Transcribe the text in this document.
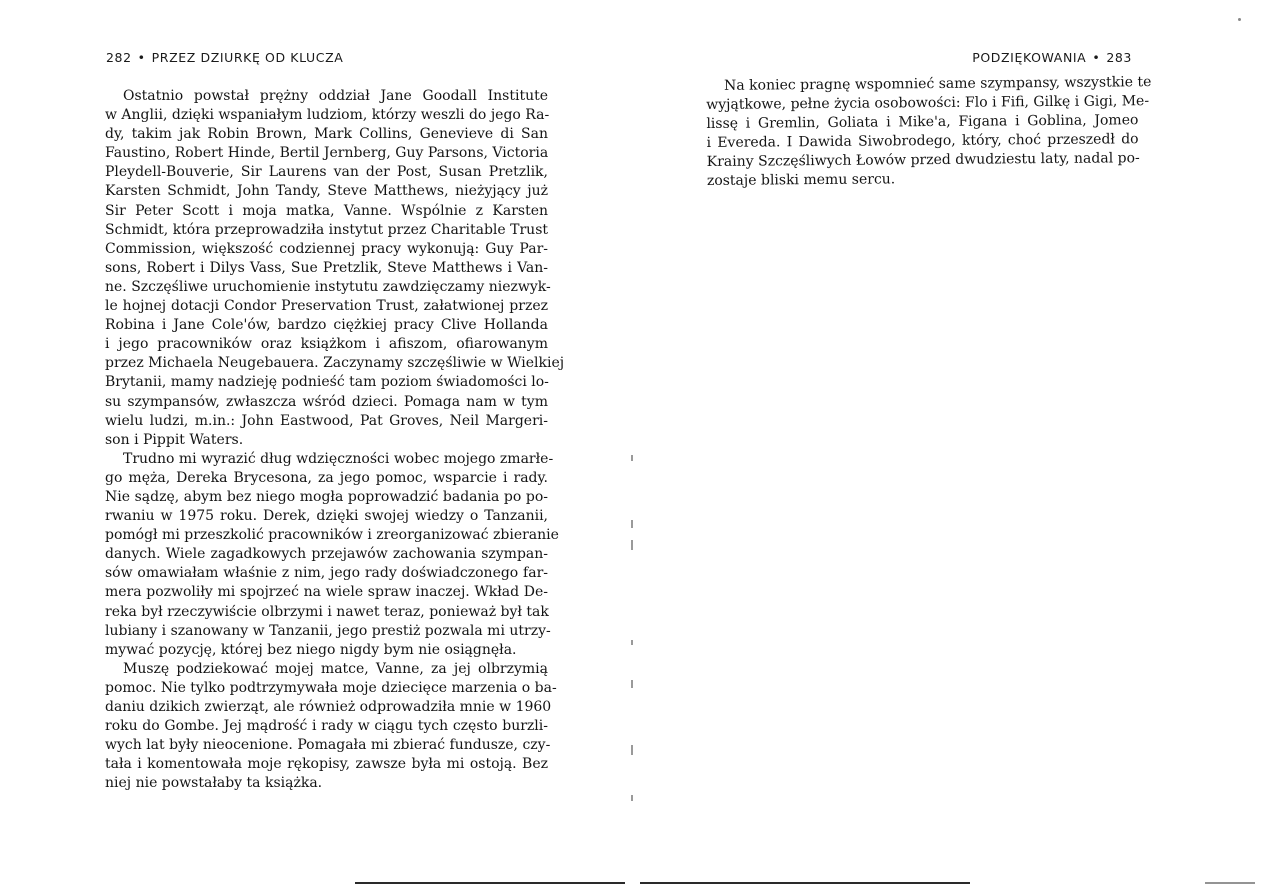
282 • PRZEZ DZIURKĘ OD KLUCZA
Ostatnio powstał prężny oddział Jane Goodall Institute
w Anglii, dzięki wspaniałym ludziom, którzy weszli do jego Ra-
dy, takim jak Robin Brown, Mark Collins, Genevieve di San
Faustino, Robert Hinde, Bertil Jernberg, Guy Parsons, Victoria
Pleydell-Bouverie, Sir Laurens van der Post, Susan Pretzlik,
Karsten Schmidt, John Tandy, Steve Matthews, nieżyjący już
Sir Peter Scott i moja matka, Vanne. Wspólnie z Karsten
Schmidt, która przeprowadziła instytut przez Charitable Trust
Commission, większość codziennej pracy wykonują: Guy Par-
sons, Robert i Dilys Vass, Sue Pretzlik, Steve Matthews i Van-
ne. Szczęśliwe uruchomienie instytutu zawdzięczamy niezwyk-
le hojnej dotacji Condor Preservation Trust, załatwionej przez
Robina i Jane Cole'ów, bardzo ciężkiej pracy Clive Hollanda
i jego pracowników oraz książkom i afiszom, ofiarowanym
przez Michaela Neugebauera. Zaczynamy szczęśliwie w Wielkiej
Brytanii, mamy nadzieję podnieść tam poziom świadomości lo-
su szympansów, zwłaszcza wśród dzieci. Pomaga nam w tym
wielu ludzi, m.in.: John Eastwood, Pat Groves, Neil Margeri-
son i Pippit Waters.
Trudno mi wyrazić dług wdzięczności wobec mojego zmarłe-
go męża, Dereka Brycesona, za jego pomoc, wsparcie i rady.
Nie sądzę, abym bez niego mogła poprowadzić badania po po-
rwaniu w 1975 roku. Derek, dzięki swojej wiedzy o Tanzanii,
pomógł mi przeszkolić pracowników i zreorganizować zbieranie
danych. Wiele zagadkowych przejawów zachowania szympan-
sów omawiałam właśnie z nim, jego rady doświadczonego far-
mera pozwoliły mi spojrzeć na wiele spraw inaczej. Wkład De-
reka był rzeczywiście olbrzymi i nawet teraz, ponieważ był tak
lubiany i szanowany w Tanzanii, jego prestiż pozwala mi utrzy-
mywać pozycję, której bez niego nigdy bym nie osiągnęła.
Muszę podziekować mojej matce, Vanne, za jej olbrzymią
pomoc. Nie tylko podtrzymywała moje dziecięce marzenia o ba-
daniu dzikich zwierząt, ale również odprowadziła mnie w 1960
roku do Gombe. Jej mądrość i rady w ciągu tych często burzli-
wych lat były nieocenione. Pomagała mi zbierać fundusze, czy-
tała i komentowała moje rękopisy, zawsze była mi ostoją. Bez
niej nie powstałaby ta książka.
PODZIĘKOWANIA • 283
Na koniec pragnę wspomnieć same szympansy, wszystkie te
wyjątkowe, pełne życia osobowości: Flo i Fifi, Gilkę i Gigi, Me-
lissę i Gremlin, Goliata i Mike'a, Figana i Goblina, Jomeo
i Evereda. I Dawida Siwobrodego, który, choć przeszedł do
Krainy Szczęśliwych Łowów przed dwudziestu laty, nadal po-
zostaje bliski memu sercu.
